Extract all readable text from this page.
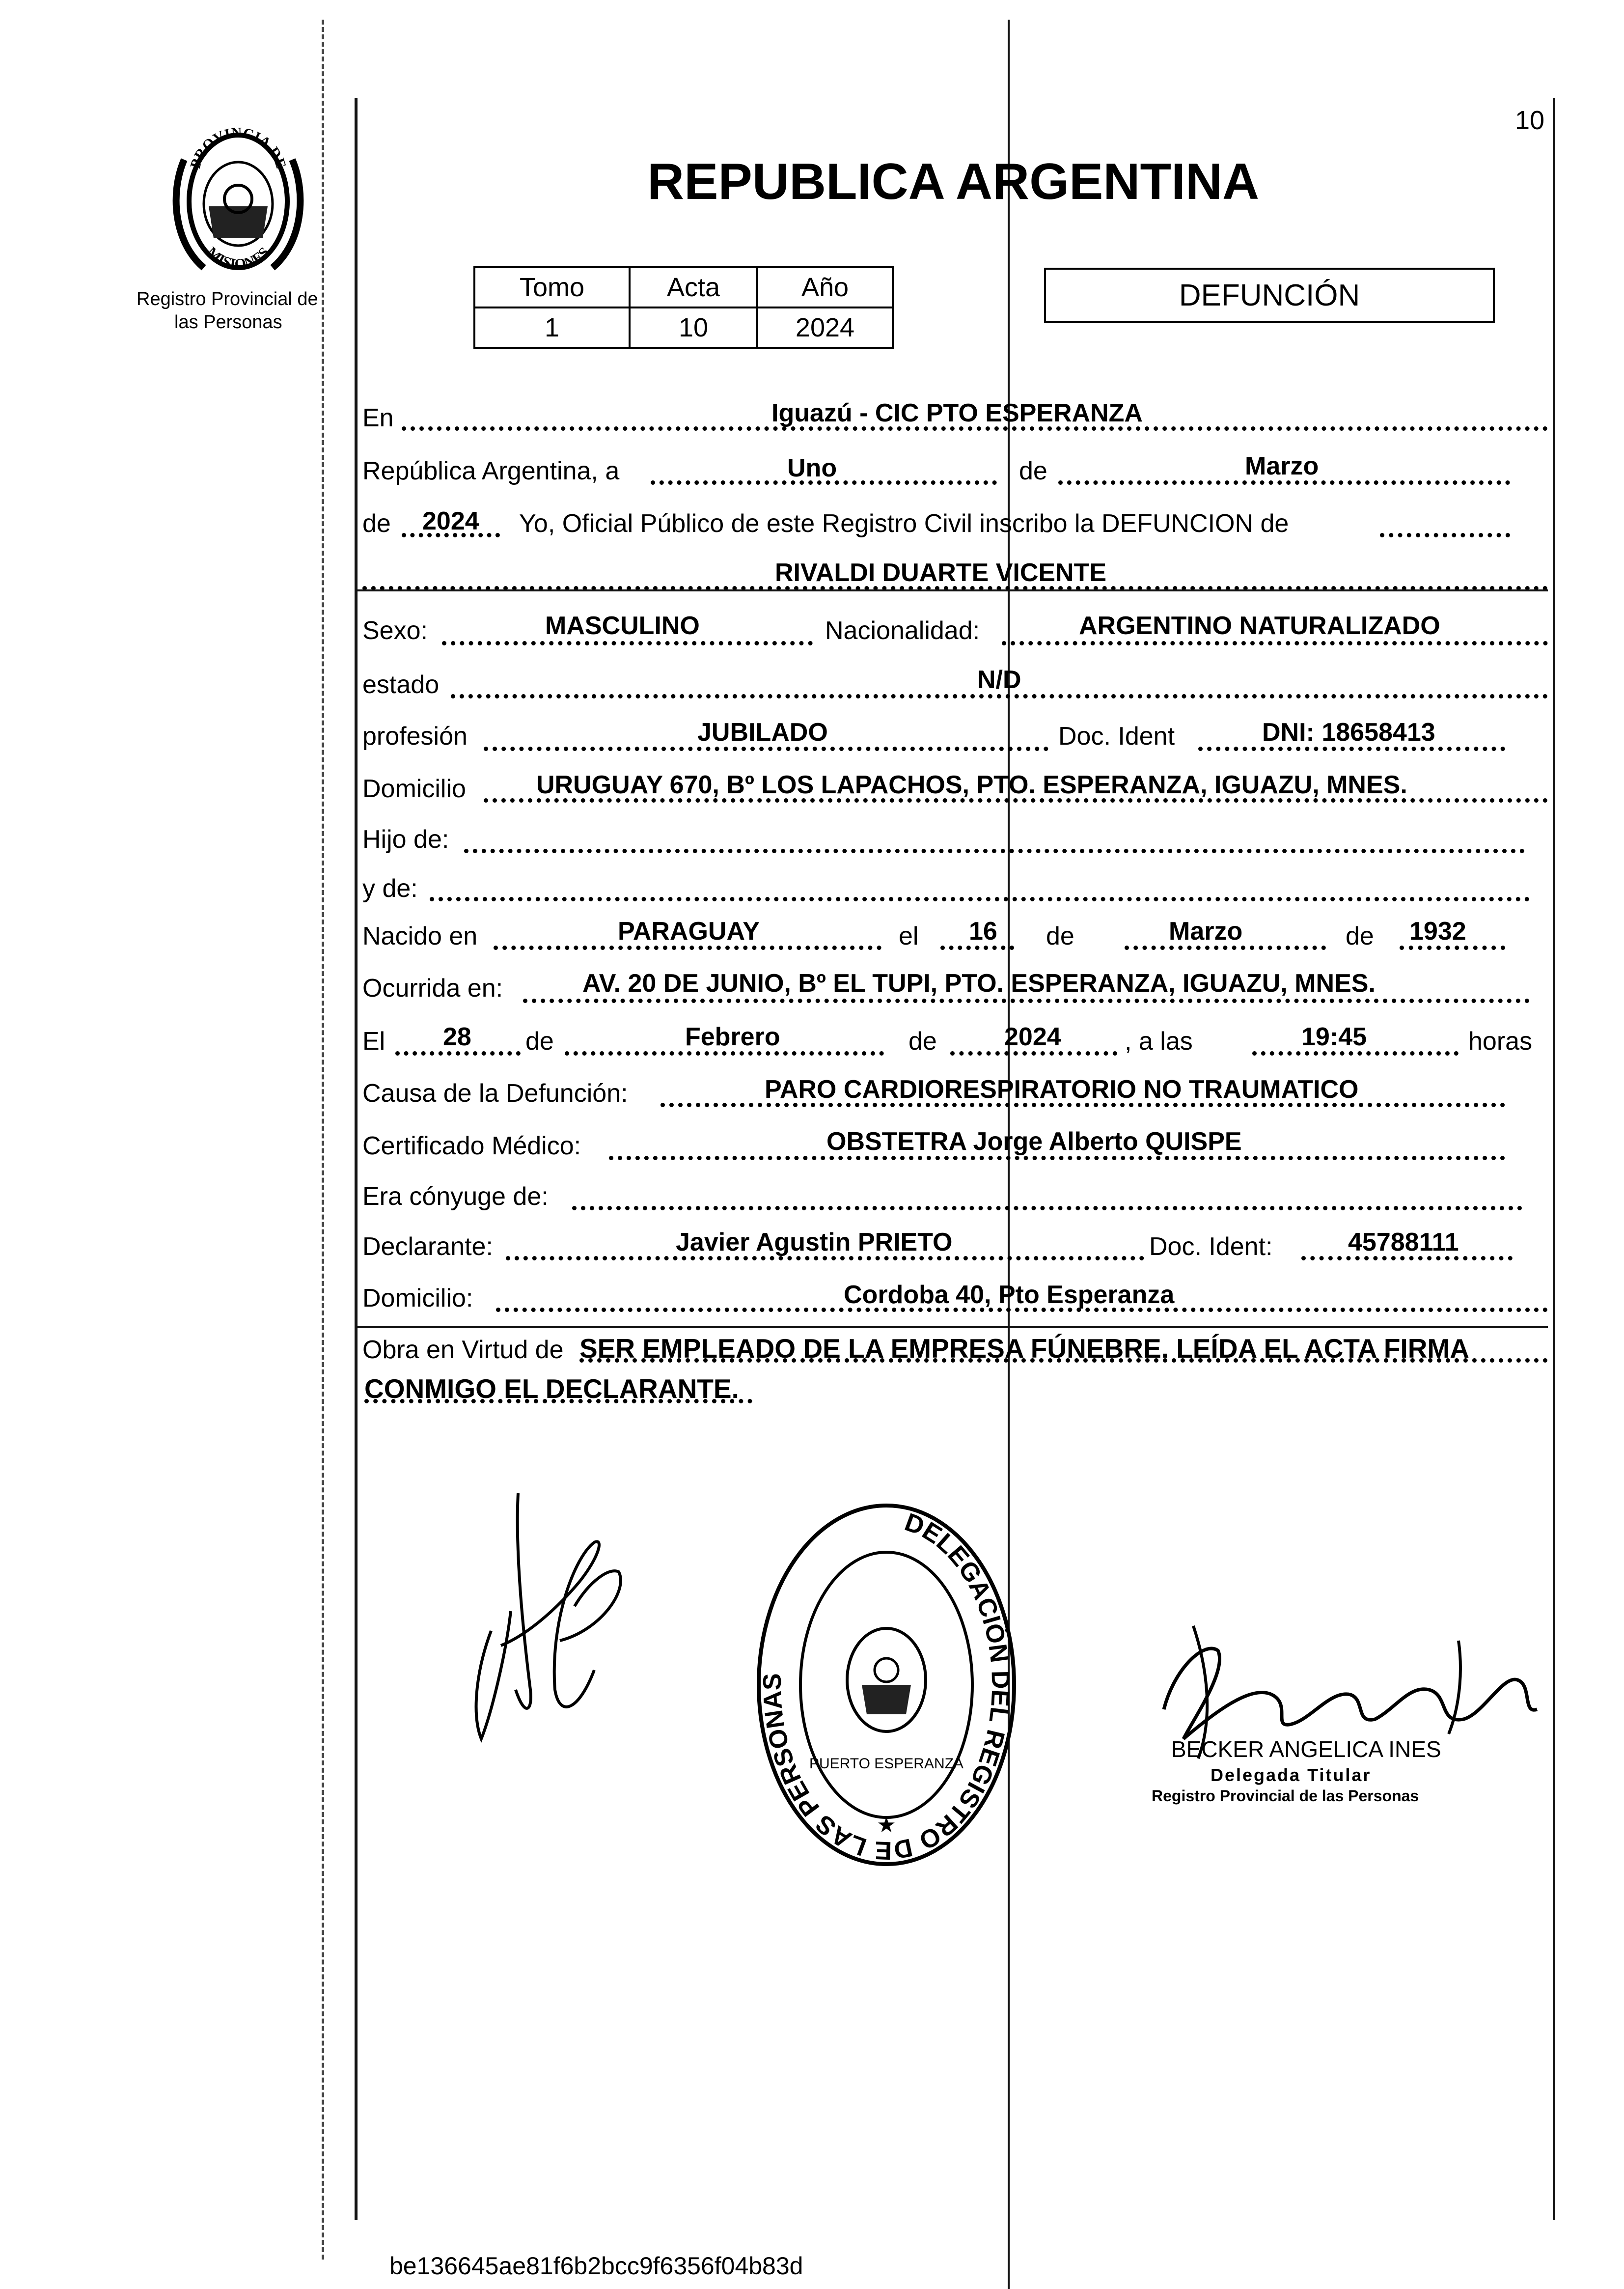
PROVINCIA DE
MISIONES
Registro Provincial de
las Personas
10
REPUBLICA ARGENTINA
Tomo	Acta	Año
1	10	2024
DEFUNCIÓN
En	Iguazú - CIC PTO ESPERANZA
República Argentina, a	Uno	de	Marzo
de 2024 Yo, Oficial Público de este Registro Civil inscribo la DEFUNCION de
RIVALDI DUARTE VICENTE
Sexo:	MASCULINO	Nacionalidad:	ARGENTINO NATURALIZADO
estado	N/D
profesión	JUBILADO	Doc. Ident	DNI: 18658413
Domicilio	URUGUAY 670, Bº LOS LAPACHOS, PTO. ESPERANZA, IGUAZU, MNES.
Hijo de:
y de:
Nacido en	PARAGUAY	el 16 de	Marzo	de 1932
Ocurrida en:	AV. 20 DE JUNIO, Bº EL TUPI, PTO. ESPERANZA, IGUAZU, MNES.
El 28 de	Febrero	de	2024 , a las	19:45	horas
Causa de la Defunción:	PARO CARDIORESPIRATORIO NO TRAUMATICO
Certificado Médico:	OBSTETRA Jorge Alberto QUISPE
Era cónyuge de:
Declarante:	Javier Agustin PRIETO	Doc. Ident:	45788111
Domicilio:	Cordoba 40, Pto Esperanza
Obra en Virtud de SER EMPLEADO DE LA EMPRESA FÚNEBRE. LEÍDA EL ACTA FIRMA
CONMIGO EL DECLARANTE.
DELEGACIÓN DEL REGISTRO DE LAS PERSONAS
PUERTO ESPERANZA
★
BECKER ANGELICA INES
Delegada Titular
Registro Provincial de las Personas
be136645ae81f6b2bcc9f6356f04b83d
